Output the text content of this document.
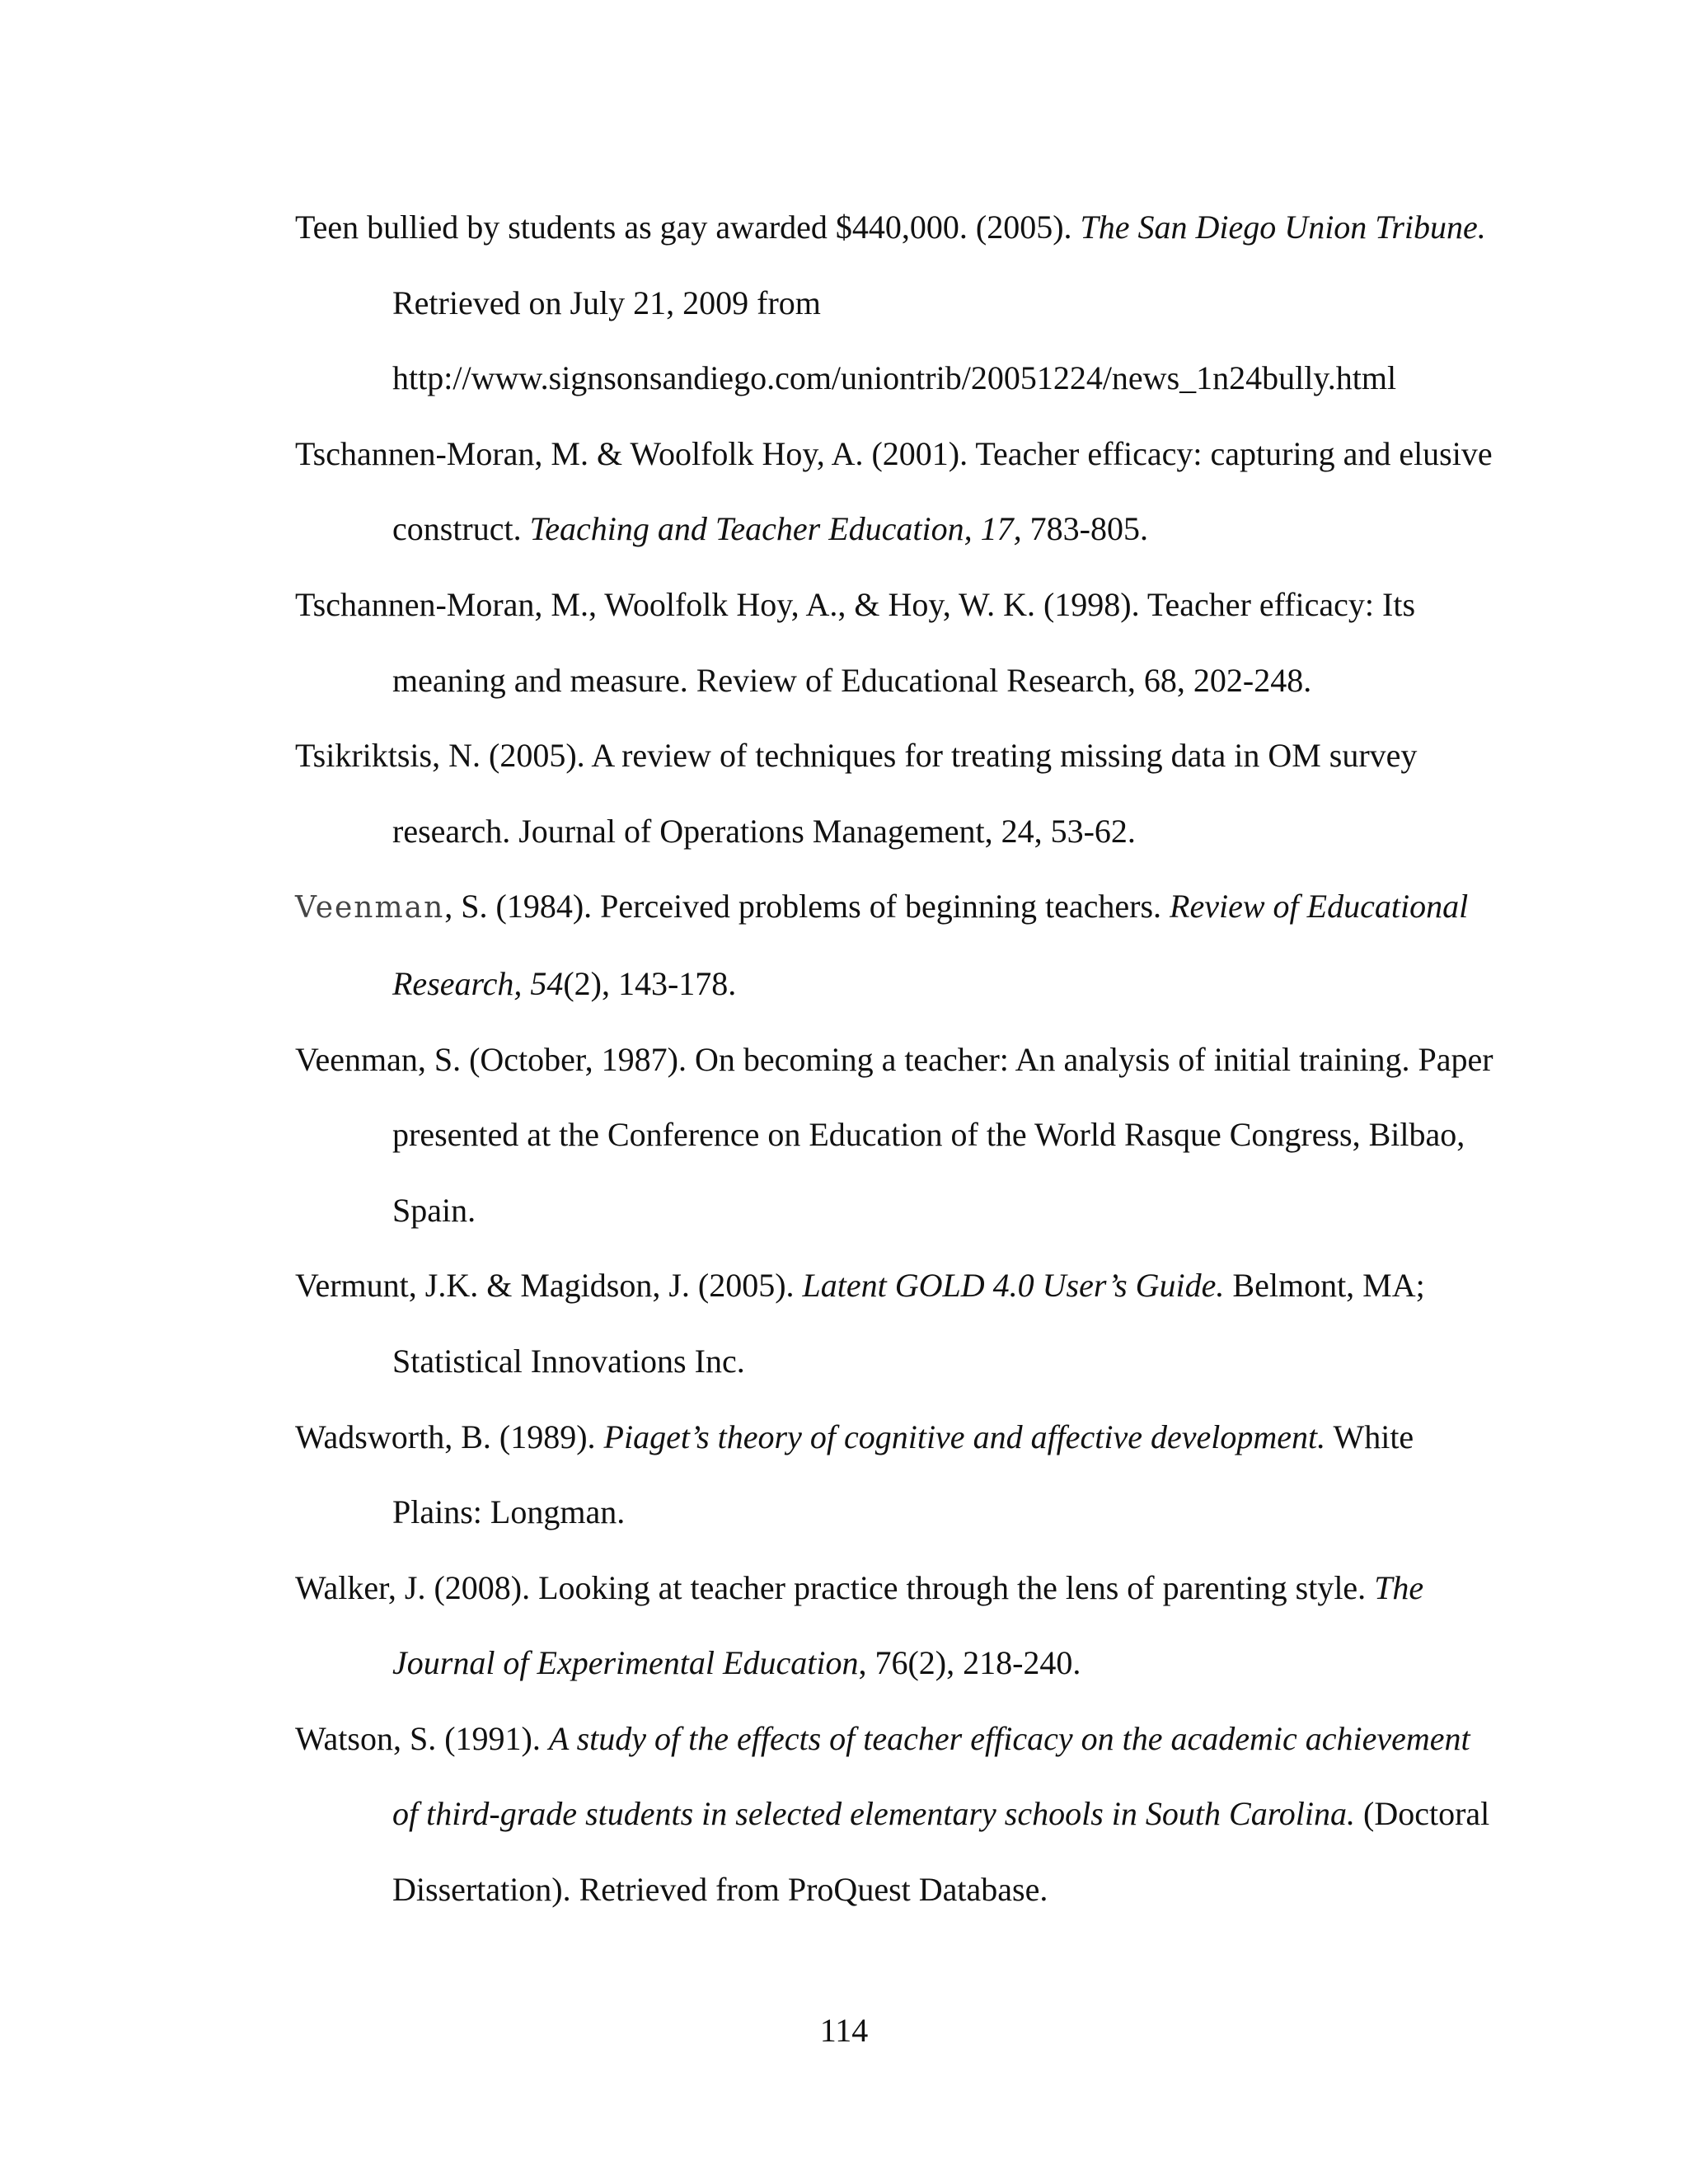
Teen bullied by students as gay awarded $440,000. (2005). The San Diego Union Tribune. Retrieved on July 21, 2009 from http://www.signsonsandiego.com/uniontrib/20051224/news_1n24bully.html

Tschannen-Moran, M. & Woolfolk Hoy, A. (2001). Teacher efficacy: capturing and elusive construct. Teaching and Teacher Education, 17, 783-805.

Tschannen-Moran, M., Woolfolk Hoy, A., & Hoy, W. K. (1998). Teacher efficacy: Its meaning and measure. Review of Educational Research, 68, 202-248.

Tsikriktsis, N. (2005). A review of techniques for treating missing data in OM survey research. Journal of Operations Management, 24, 53-62.

Veenman, S. (1984). Perceived problems of beginning teachers. Review of Educational Research, 54(2), 143-178.

Veenman, S. (October, 1987). On becoming a teacher: An analysis of initial training. Paper presented at the Conference on Education of the World Rasque Congress, Bilbao, Spain.

Vermunt, J.K. & Magidson, J. (2005). Latent GOLD 4.0 User’s Guide. Belmont, MA; Statistical Innovations Inc.

Wadsworth, B. (1989). Piaget’s theory of cognitive and affective development. White Plains: Longman.

Walker, J. (2008). Looking at teacher practice through the lens of parenting style. The Journal of Experimental Education, 76(2), 218-240.

Watson, S. (1991). A study of the effects of teacher efficacy on the academic achievement of third-grade students in selected elementary schools in South Carolina. (Doctoral Dissertation). Retrieved from ProQuest Database.

114
